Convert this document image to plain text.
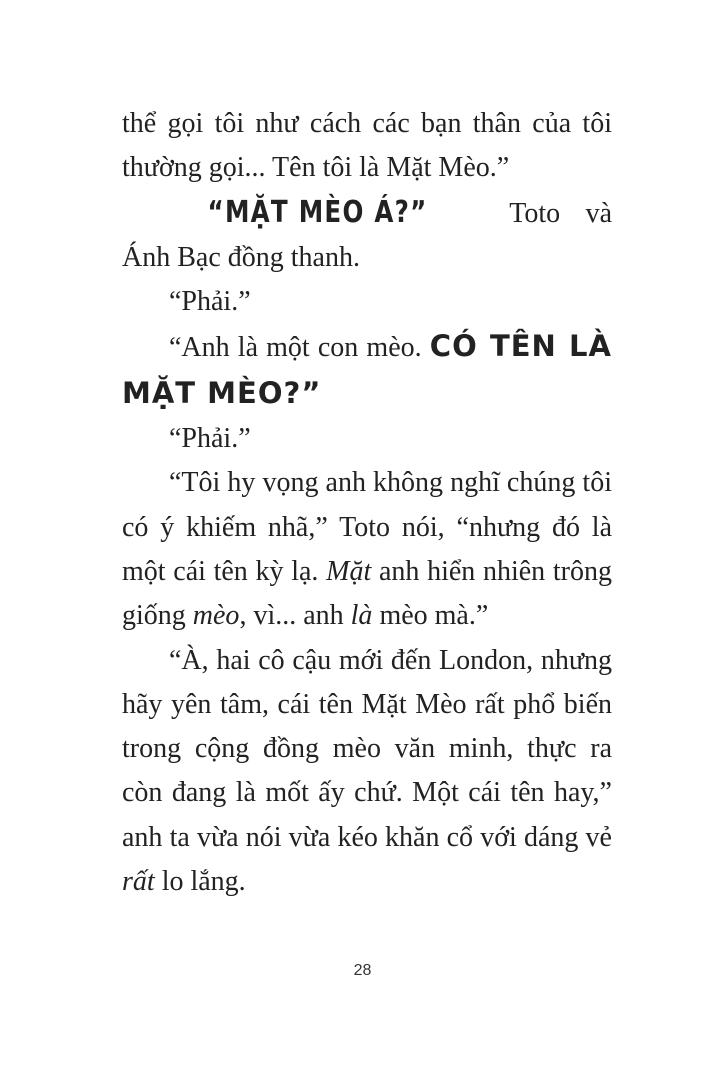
thể gọi tôi như cách các bạn thân của tôi thường gọi... Tên tôi là Mặt Mèo.”

“MẶT MÈO Á?” Toto và Ánh Bạc đồng thanh.

“Phải.”

“Anh là một con mèo. CÓ TÊN LÀ MẶT MÈO?”

“Phải.”

“Tôi hy vọng anh không nghĩ chúng tôi có ý khiếm nhã,” Toto nói, “nhưng đó là một cái tên kỳ lạ. Mặt anh hiển nhiên trông giống mèo, vì... anh là mèo mà.”

“À, hai cô cậu mới đến London, nhưng hãy yên tâm, cái tên Mặt Mèo rất phổ biến trong cộng đồng mèo văn minh, thực ra còn đang là mốt ấy chứ. Một cái tên hay,” anh ta vừa nói vừa kéo khăn cổ với dáng vẻ rất lo lắng.

28
